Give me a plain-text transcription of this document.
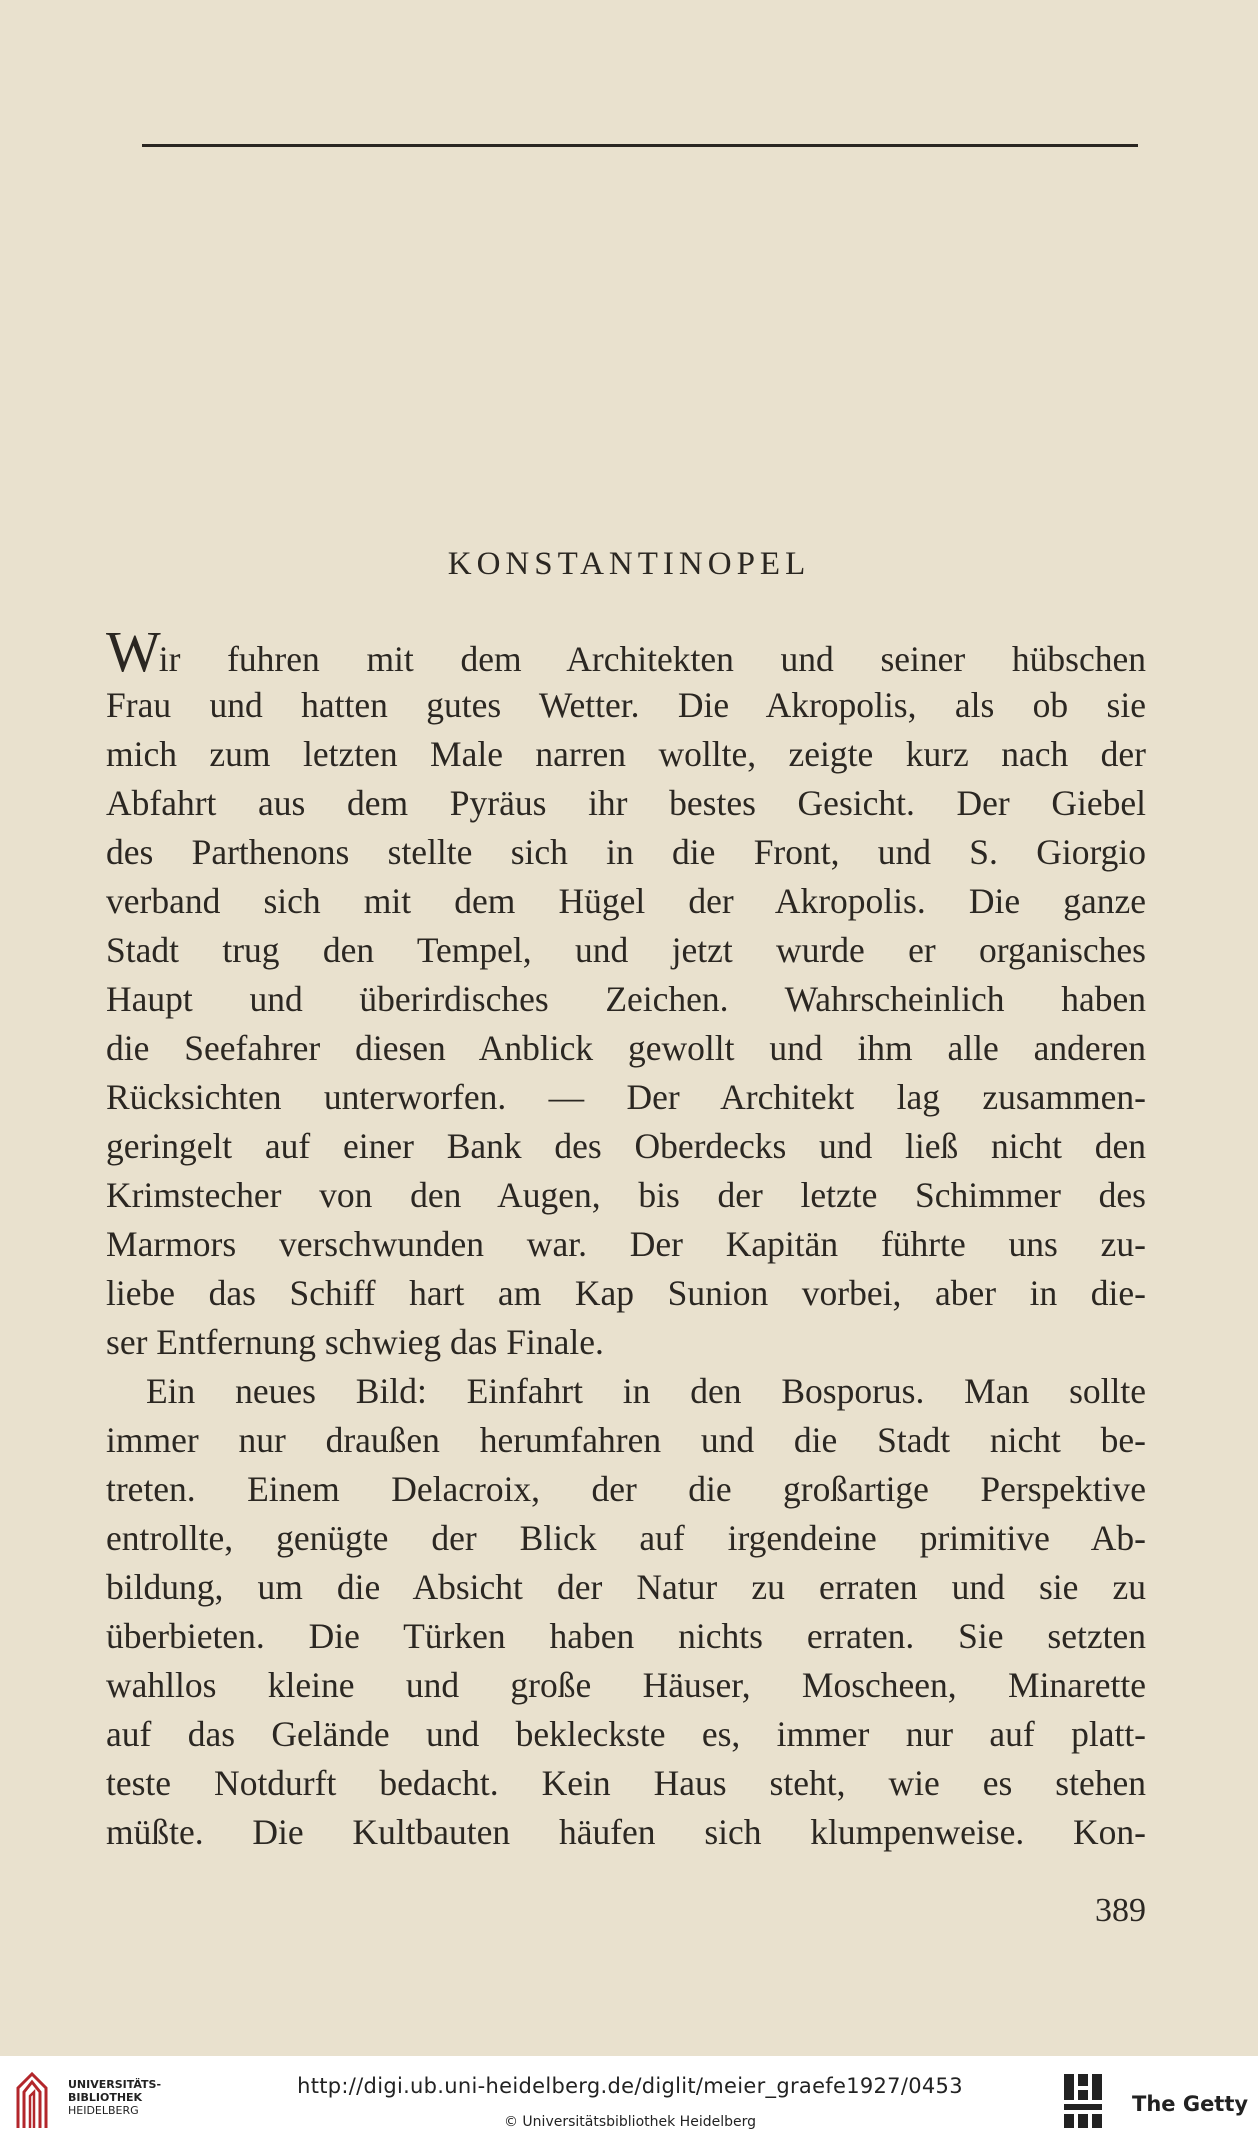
KONSTANTINOPEL
Wir fuhren mit dem Architekten und seiner hübschen
Frau und hatten gutes Wetter. Die Akropolis, als ob sie
mich zum letzten Male narren wollte, zeigte kurz nach der
Abfahrt aus dem Pyräus ihr bestes Gesicht. Der Giebel
des Parthenons stellte sich in die Front, und S. Giorgio
verband sich mit dem Hügel der Akropolis. Die ganze
Stadt trug den Tempel, und jetzt wurde er organisches
Haupt und überirdisches Zeichen. Wahrscheinlich haben
die Seefahrer diesen Anblick gewollt und ihm alle anderen
Rücksichten unterworfen. — Der Architekt lag zusammen-
geringelt auf einer Bank des Oberdecks und ließ nicht den
Krimstecher von den Augen, bis der letzte Schimmer des
Marmors verschwunden war. Der Kapitän führte uns zu-
liebe das Schiff hart am Kap Sunion vorbei, aber in die-
ser Entfernung schwieg das Finale.
Ein neues Bild: Einfahrt in den Bosporus. Man sollte
immer nur draußen herumfahren und die Stadt nicht be-
treten. Einem Delacroix, der die großartige Perspektive
entrollte, genügte der Blick auf irgendeine primitive Ab-
bildung, um die Absicht der Natur zu erraten und sie zu
überbieten. Die Türken haben nichts erraten. Sie setzten
wahllos kleine und große Häuser, Moscheen, Minarette
auf das Gelände und bekleckste es, immer nur auf platt-
teste Notdurft bedacht. Kein Haus steht, wie es stehen
müßte. Die Kultbauten häufen sich klumpenweise. Kon-
389
UNIVERSITÄTS-
BIBLIOTHEK
HEIDELBERG
http://digi.ub.uni-heidelberg.de/diglit/meier_graefe1927/0453
© Universitätsbibliothek Heidelberg
The Getty
